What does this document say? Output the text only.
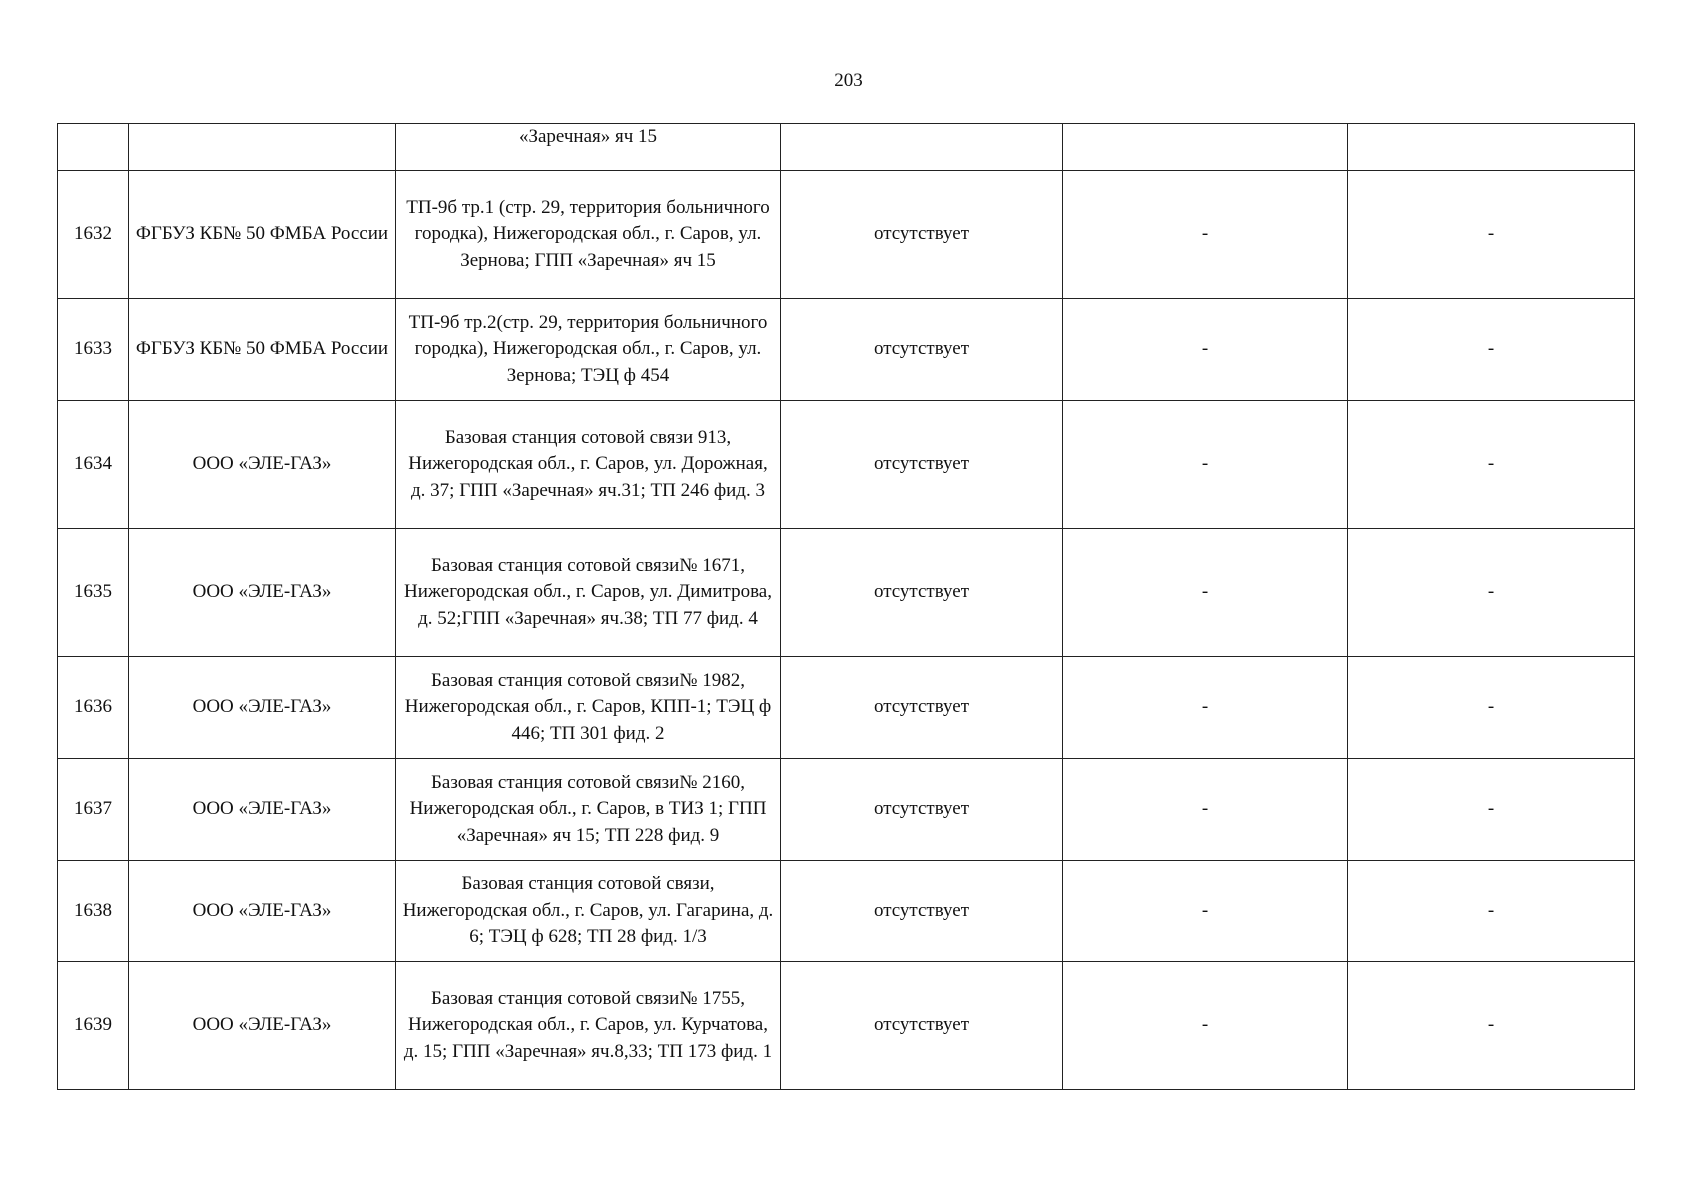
203
		«Заречная» яч 15			
1632	ФГБУЗ КБ№ 50 ФМБА России	ТП-9б тр.1 (стр. 29, территория больничного городка), Нижегородская обл., г. Саров, ул. Зернова; ГПП «Заречная» яч 15	отсутствует	-	-
1633	ФГБУЗ КБ№ 50 ФМБА России	ТП-9б тр.2(стр. 29, территория больничного городка), Нижегородская обл., г. Саров, ул. Зернова; ТЭЦ ф 454	отсутствует	-	-
1634	ООО «ЭЛЕ-ГАЗ»	Базовая станция сотовой связи 913, Нижегородская обл., г. Саров, ул. Дорожная, д. 37; ГПП «Заречная» яч.31; ТП 246 фид. 3	отсутствует	-	-
1635	ООО «ЭЛЕ-ГАЗ»	Базовая станция сотовой связи№ 1671, Нижегородская обл., г. Саров, ул. Димитрова, д. 52;ГПП «Заречная» яч.38; ТП 77 фид. 4	отсутствует	-	-
1636	ООО «ЭЛЕ-ГАЗ»	Базовая станция сотовой связи№ 1982, Нижегородская обл., г. Саров, КПП-1; ТЭЦ ф 446; ТП 301 фид. 2	отсутствует	-	-
1637	ООО «ЭЛЕ-ГАЗ»	Базовая станция сотовой связи№ 2160, Нижегородская обл., г. Саров, в ТИЗ 1; ГПП «Заречная» яч 15; ТП 228 фид. 9	отсутствует	-	-
1638	ООО «ЭЛЕ-ГАЗ»	Базовая станция сотовой связи, Нижегородская обл., г. Саров, ул. Гагарина, д. 6; ТЭЦ ф 628; ТП 28 фид. 1/3	отсутствует	-	-
1639	ООО «ЭЛЕ-ГАЗ»	Базовая станция сотовой связи№ 1755, Нижегородская обл., г. Саров, ул. Курчатова, д. 15; ГПП «Заречная» яч.8,33; ТП 173 фид. 1	отсутствует	-	-
